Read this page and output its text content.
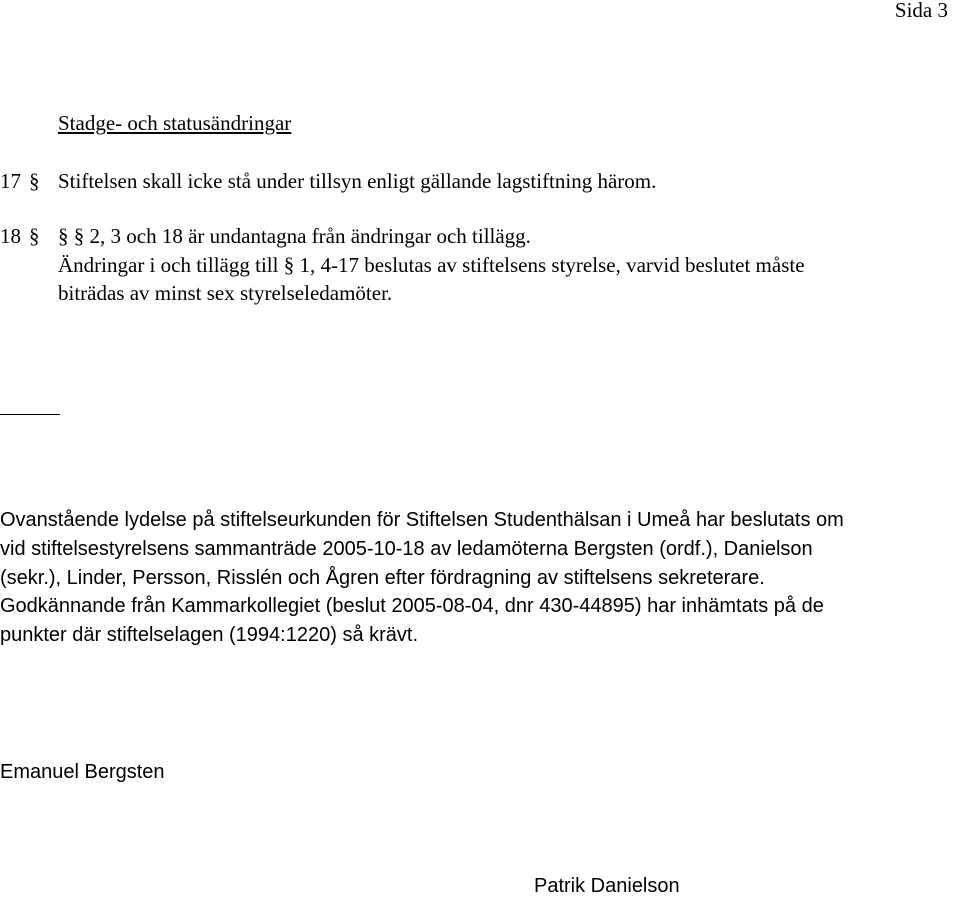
Sida 3
Stadge- och statusändringar
17 § Stiftelsen skall icke stå under tillsyn enligt gällande lagstiftning härom.
18 § § § 2, 3 och 18 är undantagna från ändringar och tillägg.
Ändringar i och tillägg till § 1, 4-17 beslutas av stiftelsens styrelse, varvid beslutet måste
biträdas av minst sex styrelseledamöter.
Ovanstående lydelse på stiftelseurkunden för Stiftelsen Studenthälsan i Umeå har beslutats om
vid stiftelsestyrelsens sammanträde 2005-10-18 av ledamöterna Bergsten (ordf.), Danielson
(sekr.), Linder, Persson, Risslén och Ågren efter fördragning av stiftelsens sekreterare.
Godkännande från Kammarkollegiet (beslut 2005-08-04, dnr 430-44895) har inhämtats på de
punkter där stiftelselagen (1994:1220) så krävt.
Emanuel Bergsten
Patrik Danielson
